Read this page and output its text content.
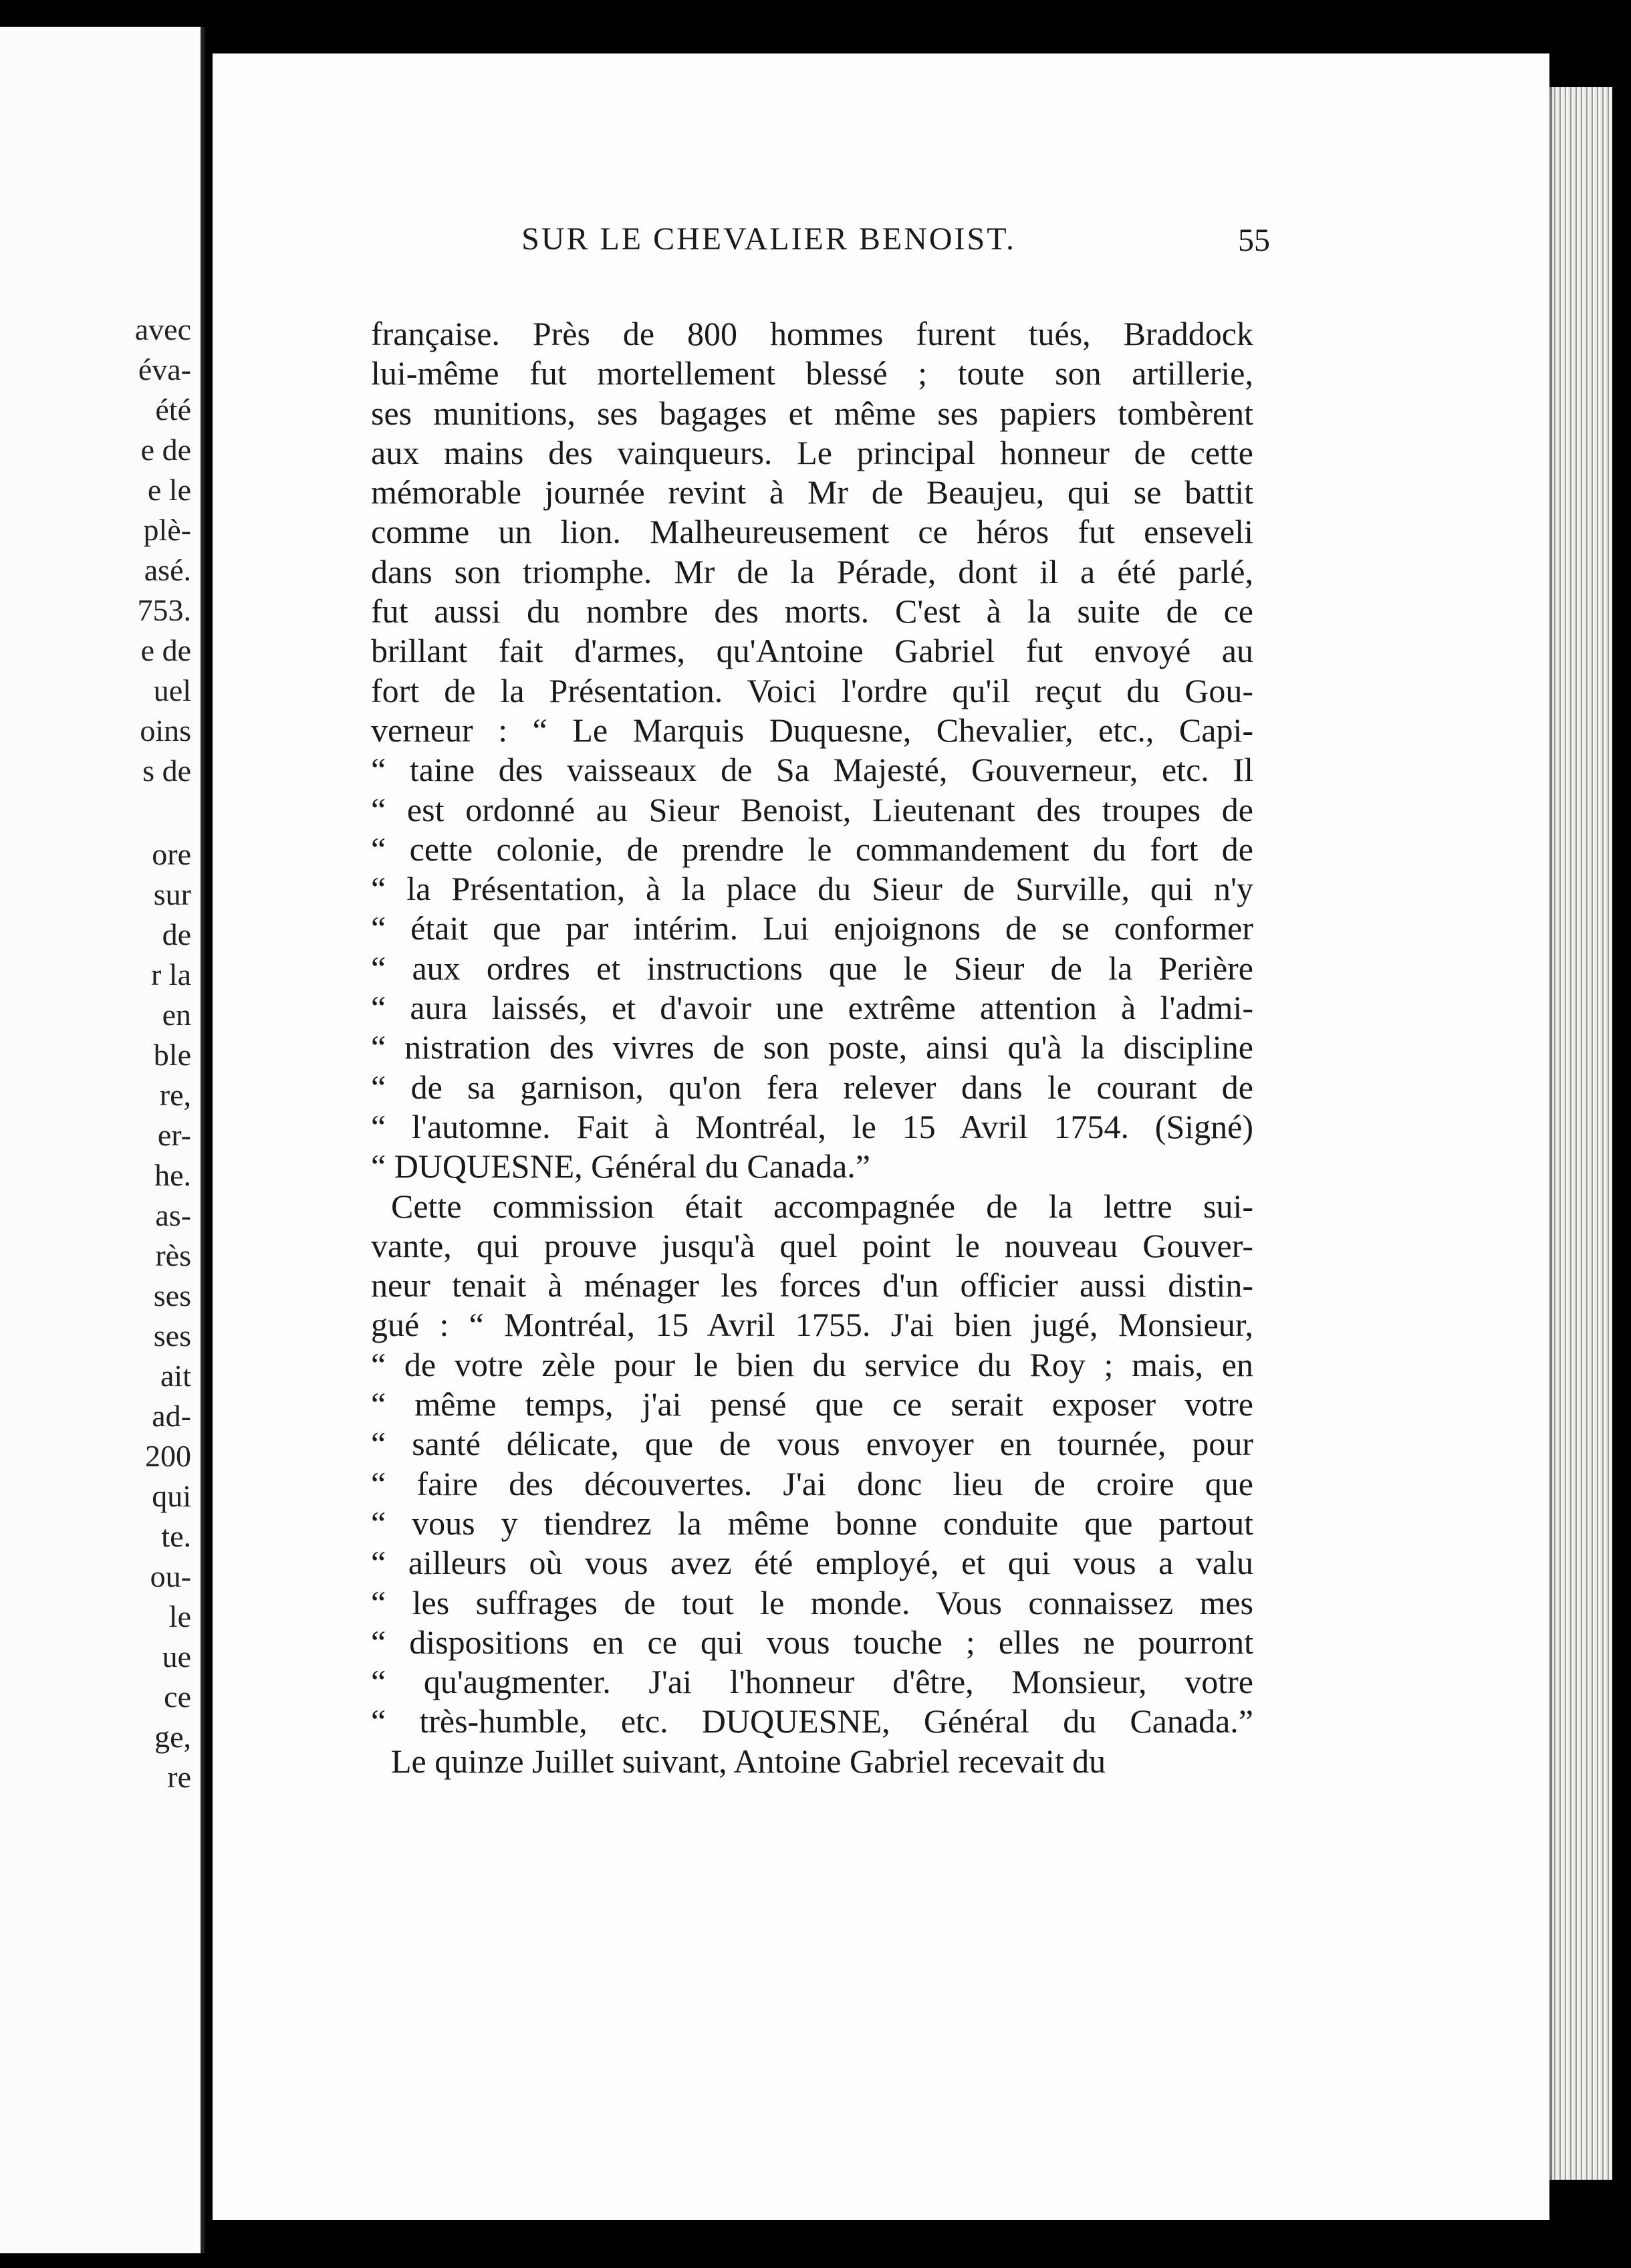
avec
éva-
été
e de
e le
plè-
asé.
753.
e de
uel
oins
s de
ore
sur
de
r la
en
ble
re,
er-
he.
as-
rès
ses
ses
ait
ad-
200
qui
te.
ou-
le
ue
ce
ge,
re
SUR LE CHEVALIER BENOIST.	55
française. Près de 800 hommes furent tués, Braddock
lui-même fut mortellement blessé ; toute son artillerie,
ses munitions, ses bagages et même ses papiers tombèrent
aux mains des vainqueurs. Le principal honneur de cette
mémorable journée revint à Mr de Beaujeu, qui se battit
comme un lion. Malheureusement ce héros fut enseveli
dans son triomphe. Mr de la Pérade, dont il a été parlé,
fut aussi du nombre des morts. C'est à la suite de ce
brillant fait d'armes, qu'Antoine Gabriel fut envoyé au
fort de la Présentation. Voici l'ordre qu'il reçut du Gou-
verneur : “ Le Marquis Duquesne, Chevalier, etc., Capi-
“ taine des vaisseaux de Sa Majesté, Gouverneur, etc. Il
“ est ordonné au Sieur Benoist, Lieutenant des troupes de
“ cette colonie, de prendre le commandement du fort de
“ la Présentation, à la place du Sieur de Surville, qui n'y
“ était que par intérim. Lui enjoignons de se conformer
“ aux ordres et instructions que le Sieur de la Perière
“ aura laissés, et d'avoir une extrême attention à l'admi-
“ nistration des vivres de son poste, ainsi qu'à la discipline
“ de sa garnison, qu'on fera relever dans le courant de
“ l'automne. Fait à Montréal, le 15 Avril 1754. (Signé)
“ DUQUESNE, Général du Canada.”
Cette commission était accompagnée de la lettre sui-
vante, qui prouve jusqu'à quel point le nouveau Gouver-
neur tenait à ménager les forces d'un officier aussi distin-
gué : “ Montréal, 15 Avril 1755. J'ai bien jugé, Monsieur,
“ de votre zèle pour le bien du service du Roy ; mais, en
“ même temps, j'ai pensé que ce serait exposer votre
“ santé délicate, que de vous envoyer en tournée, pour
“ faire des découvertes. J'ai donc lieu de croire que
“ vous y tiendrez la même bonne conduite que partout
“ ailleurs où vous avez été employé, et qui vous a valu
“ les suffrages de tout le monde. Vous connaissez mes
“ dispositions en ce qui vous touche ; elles ne pourront
“ qu'augmenter. J'ai l'honneur d'être, Monsieur, votre
“ très-humble, etc. DUQUESNE, Général du Canada.”
Le quinze Juillet suivant, Antoine Gabriel recevait du
